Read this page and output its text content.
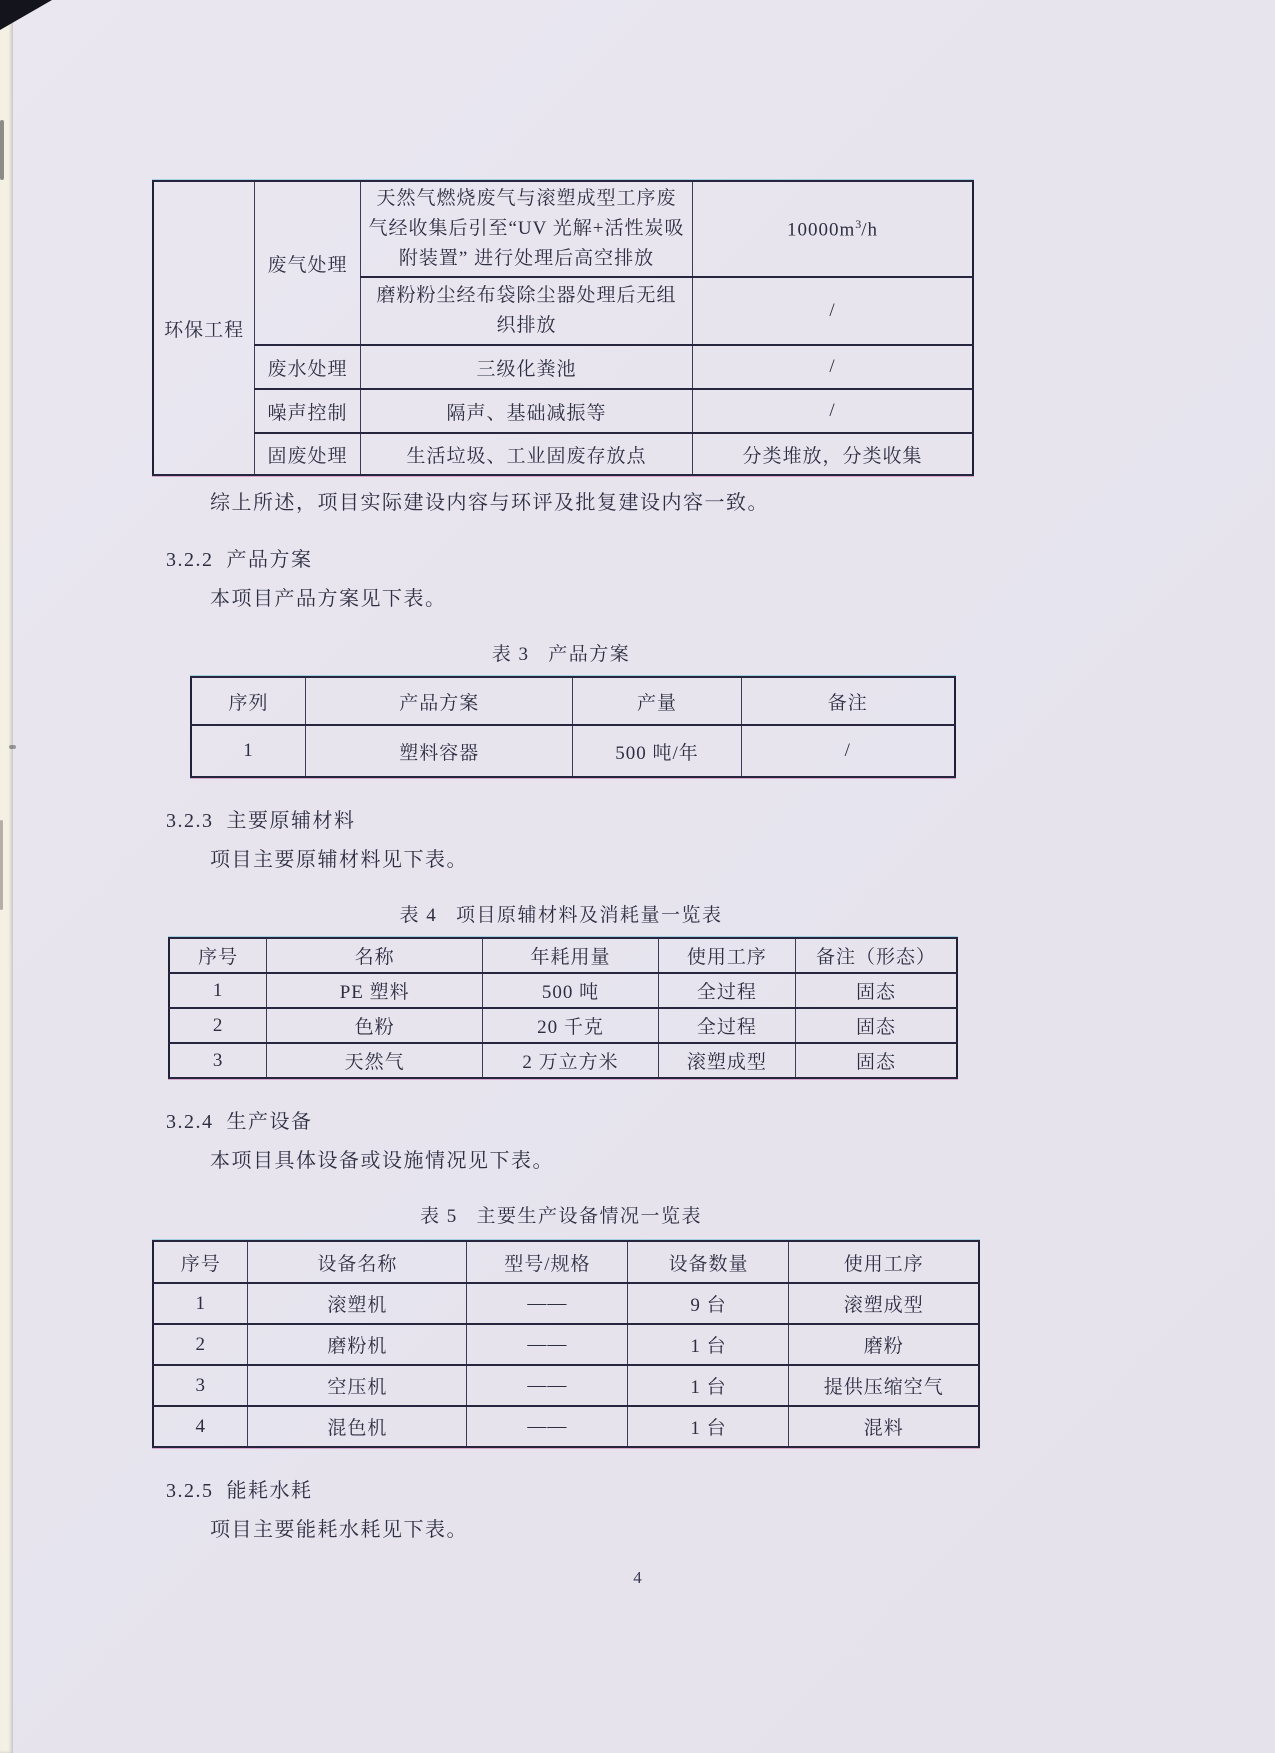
环保工程	废气处理	天然气燃烧废气与滚塑成型工序废气经收集后引至“UV 光解+活性炭吸附装置” 进行处理后高空排放	$10000m^3/h$
		磨粉粉尘经布袋除尘器处理后无组织排放	/
	废水处理	三级化粪池	/
	噪声控制	隔声、基础减振等	/
	固废处理	生活垃圾、工业固废存放点	分类堆放，分类收集

综上所述，项目实际建设内容与环评及批复建设内容一致。

3.2.2  产品方案

本项目产品方案见下表。

表 3   产品方案
序列	产品方案	产量	备注
1	塑料容器	500 吨/年	/
3.2.3  主要原辅材料

项目主要原辅材料见下表。

表 4   项目原辅材料及消耗量一览表
序号	名称	年耗用量	使用工序	备注（形态）
1	PE 塑料	500 吨	全过程	固态
2	色粉	20 千克	全过程	固态
3	天然气	2 万立方米	滚塑成型	固态
3.2.4  生产设备

本项目具体设备或设施情况见下表。

表 5   主要生产设备情况一览表
序号	设备名称	型号/规格	设备数量	使用工序
1	滚塑机	——	9 台	滚塑成型
2	磨粉机	——	1 台	磨粉
3	空压机	——	1 台	提供压缩空气
4	混色机	——	1 台	混料
3.2.5  能耗水耗

项目主要能耗水耗见下表。

4
